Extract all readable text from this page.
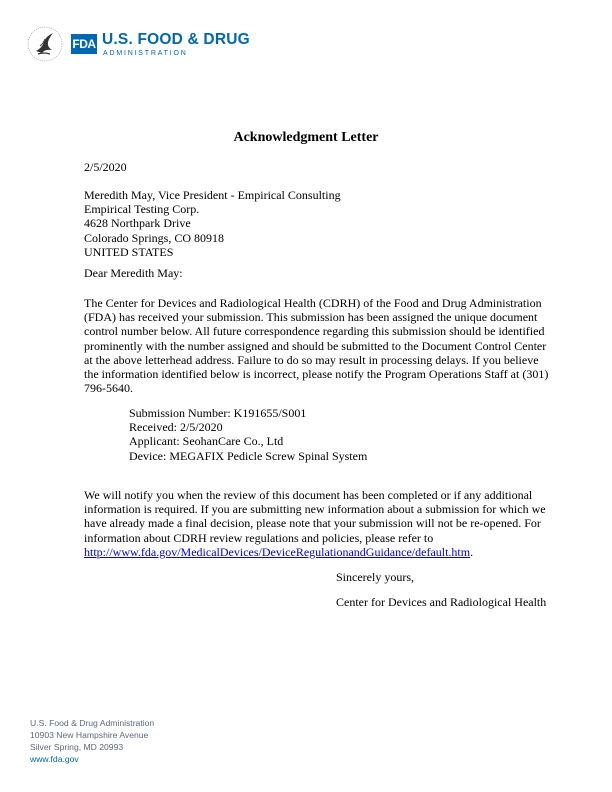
FDA U.S. FOOD & DRUG
ADMINISTRATION
Acknowledgment Letter
2/5/2020
Meredith May, Vice President - Empirical Consulting
Empirical Testing Corp.
4628 Northpark Drive
Colorado Springs, CO 80918
UNITED STATES
Dear Meredith May:
The Center for Devices and Radiological Health (CDRH) of the Food and Drug Administration (FDA) has received your submission. This submission has been assigned the unique document control number below. All future correspondence regarding this submission should be identified prominently with the number assigned and should be submitted to the Document Control Center at the above letterhead address. Failure to do so may result in processing delays. If you believe the information identified below is incorrect, please notify the Program Operations Staff at (301) 796-5640.
Submission Number: K191655/S001
Received: 2/5/2020
Applicant: SeohanCare Co., Ltd
Device: MEGAFIX Pedicle Screw Spinal System
We will notify you when the review of this document has been completed or if any additional information is required. If you are submitting new information about a submission for which we have already made a final decision, please note that your submission will not be re-opened. For information about CDRH review regulations and policies, please refer to http://www.fda.gov/MedicalDevices/DeviceRegulationandGuidance/default.htm.
Sincerely yours,
Center for Devices and Radiological Health
U.S. Food & Drug Administration
10903 New Hampshire Avenue
Silver Spring, MD 20993
www.fda.gov
